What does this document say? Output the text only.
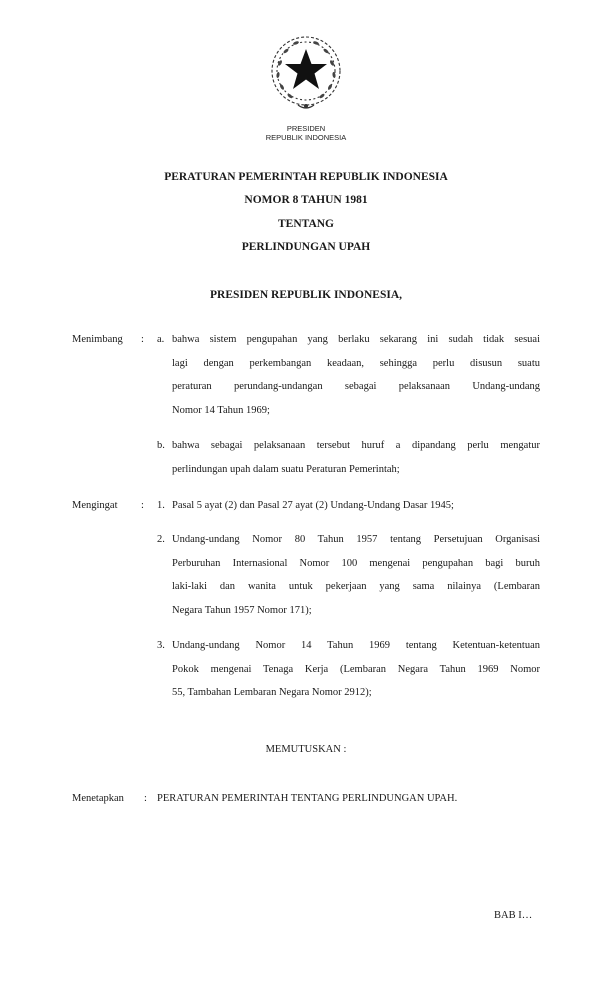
PRESIDEN
REPUBLIK INDONESIA
PERATURAN PEMERINTAH REPUBLIK INDONESIA
NOMOR 8 TAHUN 1981
TENTANG
PERLINDUNGAN UPAH
PRESIDEN REPUBLIK INDONESIA,
Menimbang : a. bahwa sistem pengupahan yang berlaku sekarang ini sudah tidak sesuai
lagi dengan perkembangan keadaan, sehingga perlu disusun suatu
peraturan perundang-undangan sebagai pelaksanaan Undang-undang
Nomor 14 Tahun 1969;
b. bahwa sebagai pelaksanaan tersebut huruf a dipandang perlu mengatur
perlindungan upah dalam suatu Peraturan Pemerintah;
Mengingat : 1. Pasal 5 ayat (2) dan Pasal 27 ayat (2) Undang-Undang Dasar 1945;
2. Undang-undang Nomor 80 Tahun 1957 tentang Persetujuan Organisasi
Perburuhan Internasional Nomor 100 mengenai pengupahan bagi buruh
laki-laki dan wanita untuk pekerjaan yang sama nilainya (Lembaran
Negara Tahun 1957 Nomor 171);
3. Undang-undang Nomor 14 Tahun 1969 tentang Ketentuan-ketentuan
Pokok mengenai Tenaga Kerja (Lembaran Negara Tahun 1969 Nomor
55, Tambahan Lembaran Negara Nomor 2912);
MEMUTUSKAN :
Menetapkan : PERATURAN PEMERINTAH TENTANG PERLINDUNGAN UPAH.
BAB I…
